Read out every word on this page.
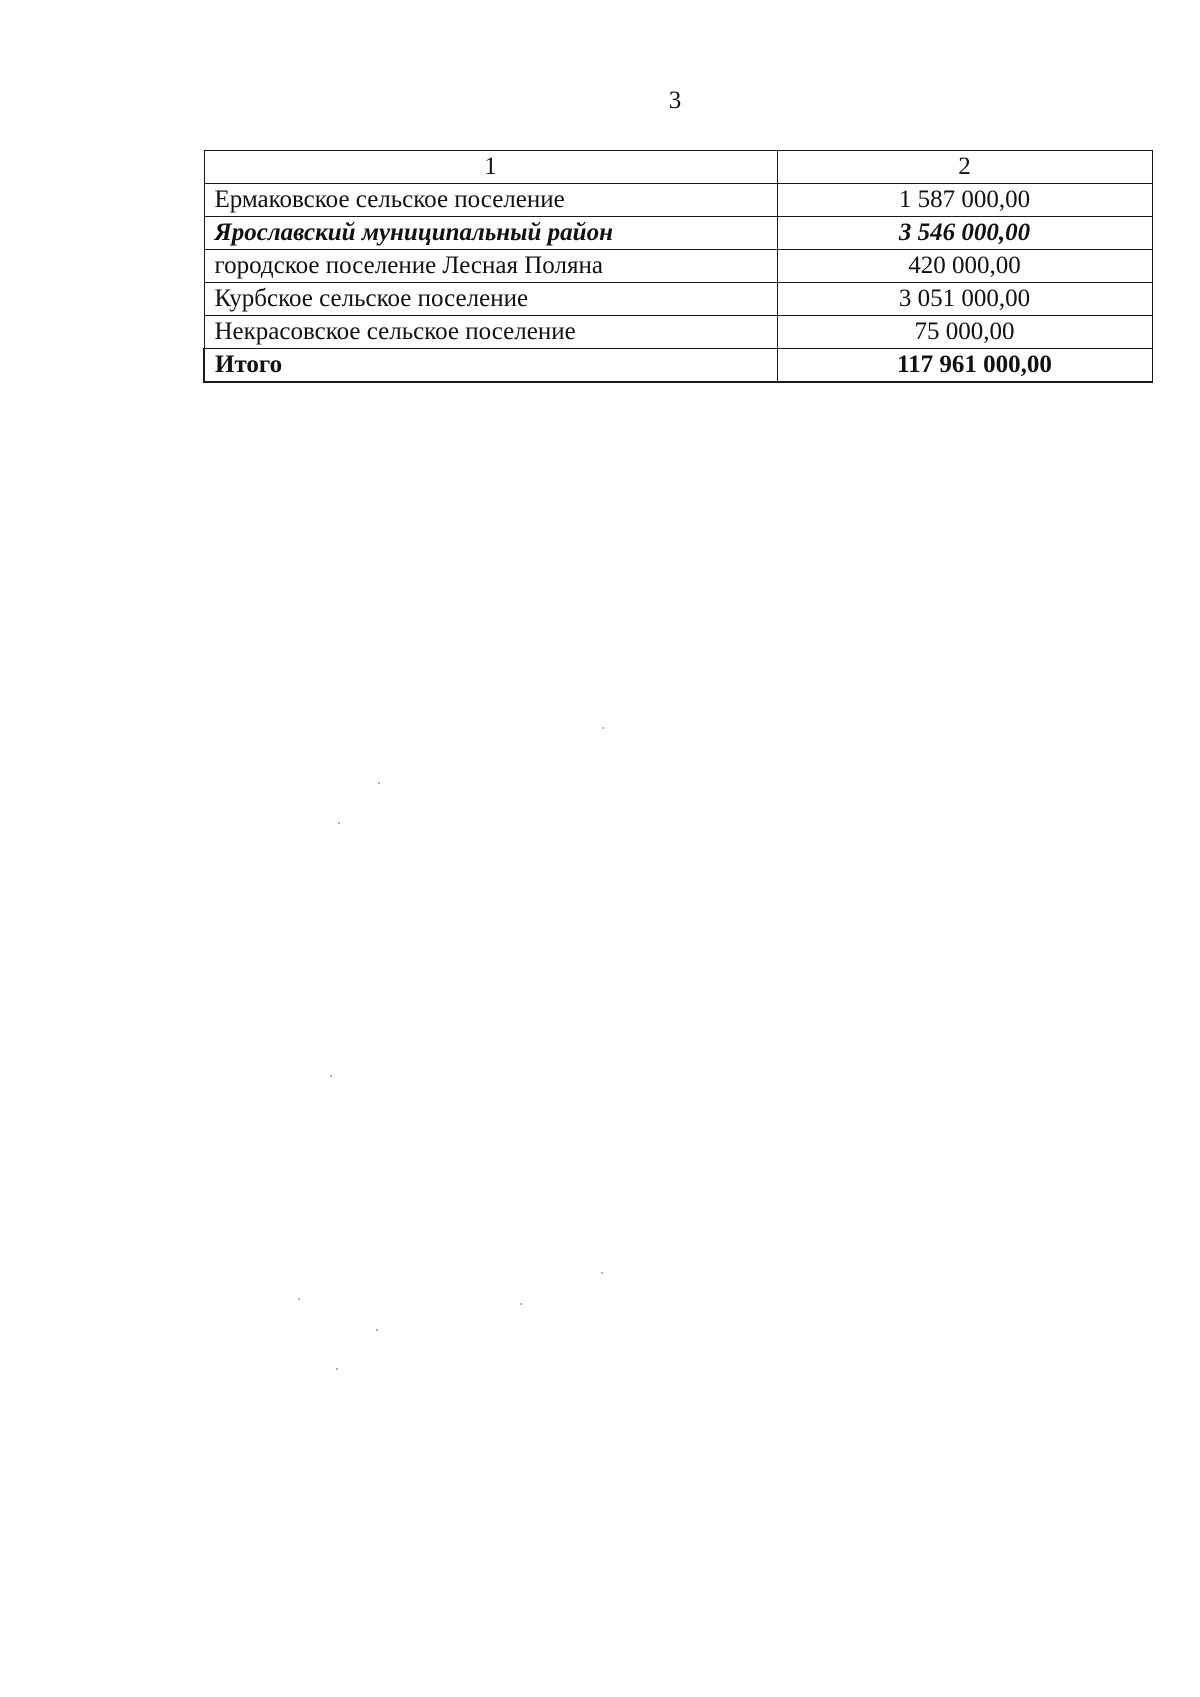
3
1	2
Ермаковское сельское поселение	1 587 000,00
Ярославский муниципальный район	3 546 000,00
городское поселение Лесная Поляна	420 000,00
Курбское сельское поселение	3 051 000,00
Некрасовское сельское поселение	75 000,00
Итого	117 961 000,00
